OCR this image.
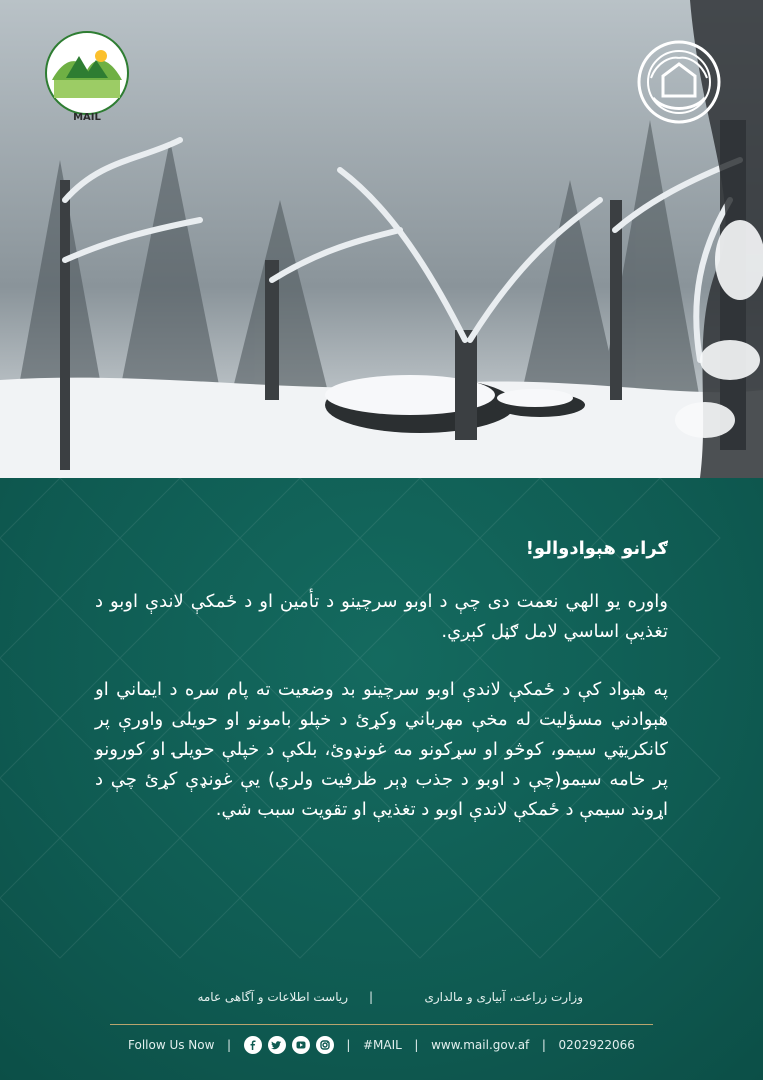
MAIL
ګرانو هېوادوالو!
واوره یو الهي نعمت دی چې د اوبو سرچینو د تأمین او د ځمکې لاندې اوبو د تغذیې اساسي لامل ګڼل کېږي.
په هېواد کې د ځمکې لاندې اوبو سرچینو بد وضعیت ته پام سره د ایماني او هېوادني مسؤلیت له مخې مهرباني وکړئ د خپلو بامونو او حویلی واورې پر کانکریټي سیمو، کوڅو او سړکونو مه غونډوئ، بلکې د خپلې حویلۍ او کورونو پر خامه سیمو(چې د اوبو د جذب ډېر ظرفیت ولري) یې غونډې کړئ چې د اړوند سیمې د ځمکې لاندې اوبو د تغذیې او تقویت سبب شي.
وزارت زراعت، آبیاری و مالداری
|
ریاست اطلاعات و آگاهی عامه
Follow Us Now |	| #MAIL | www.mail.gov.af | 0202922066
